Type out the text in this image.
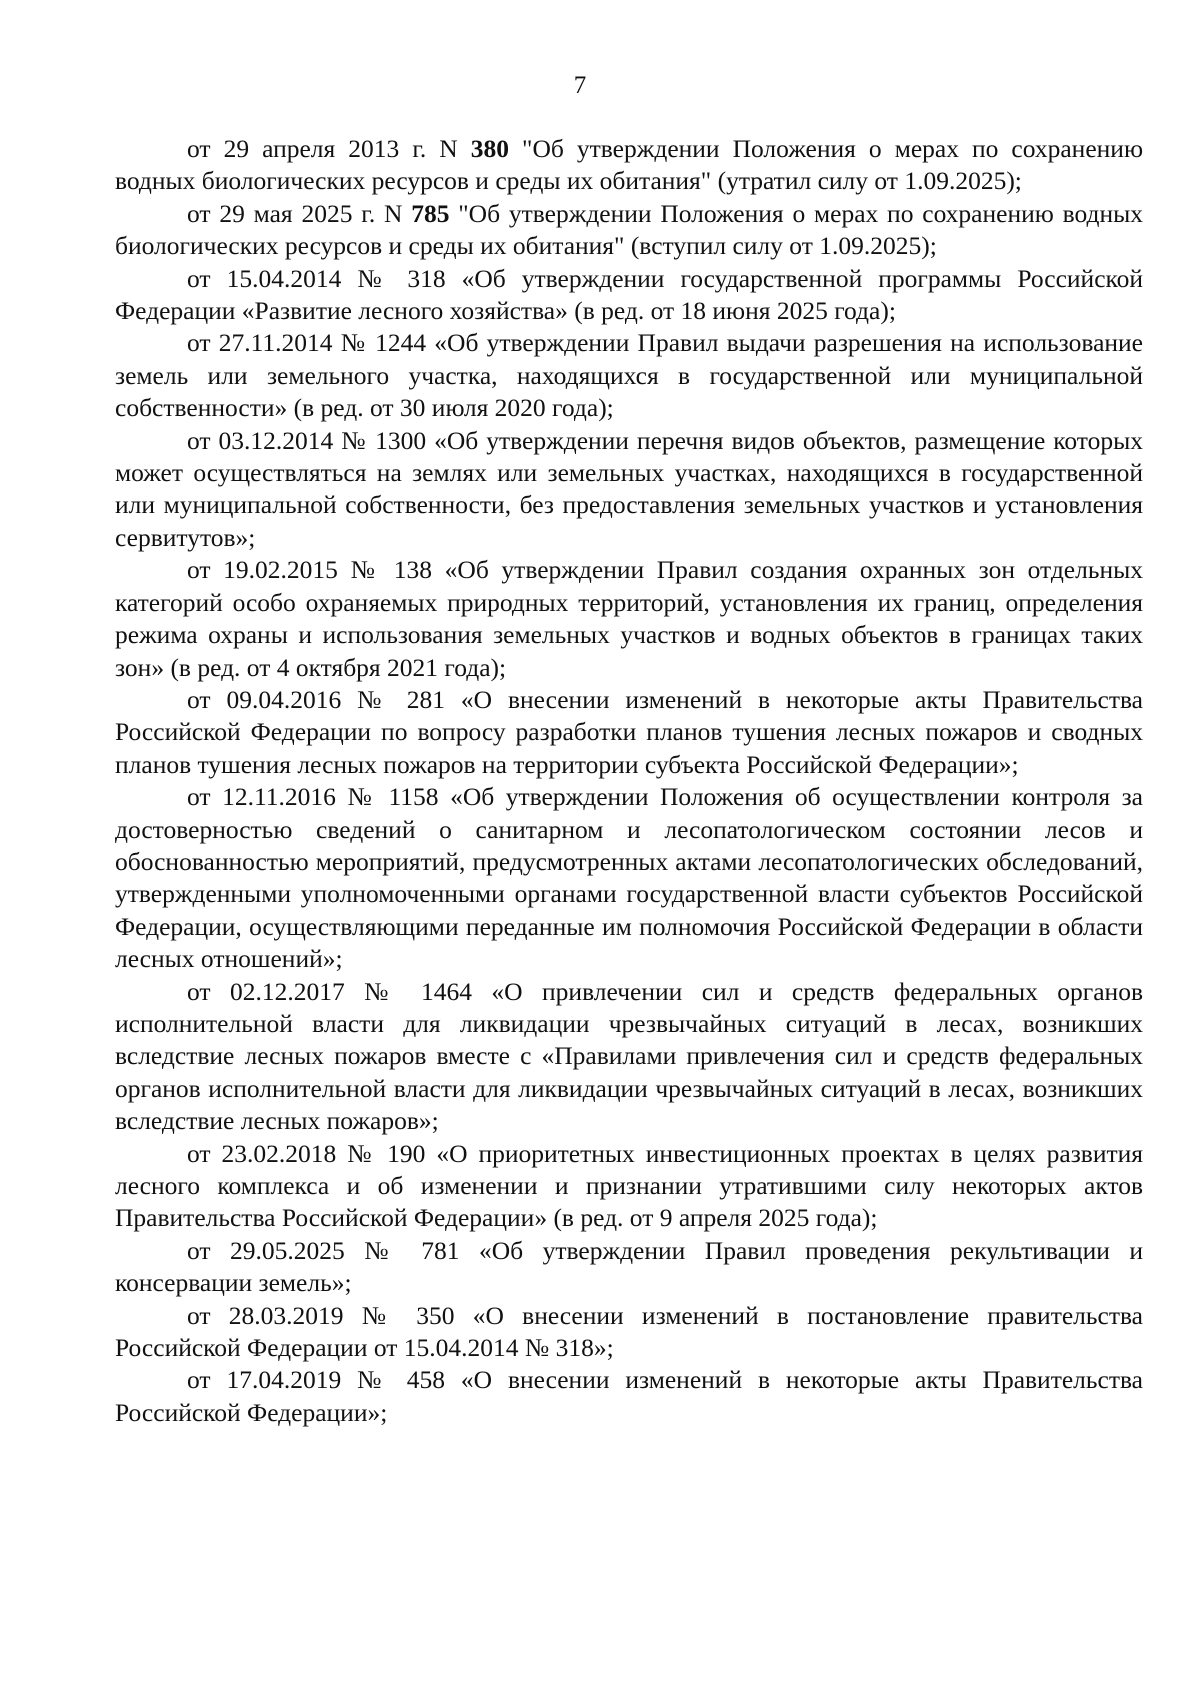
7

от 29 апреля 2013 г. N 380 "Об утверждении Положения о мерах по сохранению водных биологических ресурсов и среды их обитания" (утратил силу от 1.09.2025);

от 29 мая 2025 г. N 785 "Об утверждении Положения о мерах по сохранению водных биологических ресурсов и среды их обитания" (вступил силу от 1.09.2025);

от 15.04.2014 № 318 «Об утверждении государственной программы Российской Федерации «Развитие лесного хозяйства» (в ред. от 18 июня 2025 года);

от 27.11.2014 № 1244 «Об утверждении Правил выдачи разрешения на использование земель или земельного участка, находящихся в государственной или муниципальной собственности» (в ред. от 30 июля 2020 года);

от 03.12.2014 № 1300 «Об утверждении перечня видов объектов, размещение которых может осуществляться на землях или земельных участках, находящихся в государственной или муниципальной собственности, без предоставления земельных участков и установления сервитутов»;

от 19.02.2015 № 138 «Об утверждении Правил создания охранных зон отдельных категорий особо охраняемых природных территорий, установления их границ, определения режима охраны и использования земельных участков и водных объектов в границах таких зон» (в ред. от 4 октября 2021 года);

от 09.04.2016 № 281 «О внесении изменений в некоторые акты Правительства Российской Федерации по вопросу разработки планов тушения лесных пожаров и сводных планов тушения лесных пожаров на территории субъекта Российской Федерации»;

от 12.11.2016 № 1158 «Об утверждении Положения об осуществлении контроля за достоверностью сведений о санитарном и лесопатологическом состоянии лесов и обоснованностью мероприятий, предусмотренных актами лесопатологических обследований, утвержденными уполномоченными органами государственной власти субъектов Российской Федерации, осуществляющими переданные им полномочия Российской Федерации в области лесных отношений»;

от 02.12.2017 № 1464 «О привлечении сил и средств федеральных органов исполнительной власти для ликвидации чрезвычайных ситуаций в лесах, возникших вследствие лесных пожаров вместе с «Правилами привлечения сил и средств федеральных органов исполнительной власти для ликвидации чрезвычайных ситуаций в лесах, возникших вследствие лесных пожаров»;

от 23.02.2018 № 190 «О приоритетных инвестиционных проектах в целях развития лесного комплекса и об изменении и признании утратившими силу некоторых актов Правительства Российской Федерации» (в ред. от 9 апреля 2025 года);

от 29.05.2025 № 781 «Об утверждении Правил проведения рекультивации и консервации земель»;

от 28.03.2019 № 350 «О внесении изменений в постановление правительства Российской Федерации от 15.04.2014 № 318»;

от 17.04.2019 № 458 «О внесении изменений в некоторые акты Правительства Российской Федерации»;
